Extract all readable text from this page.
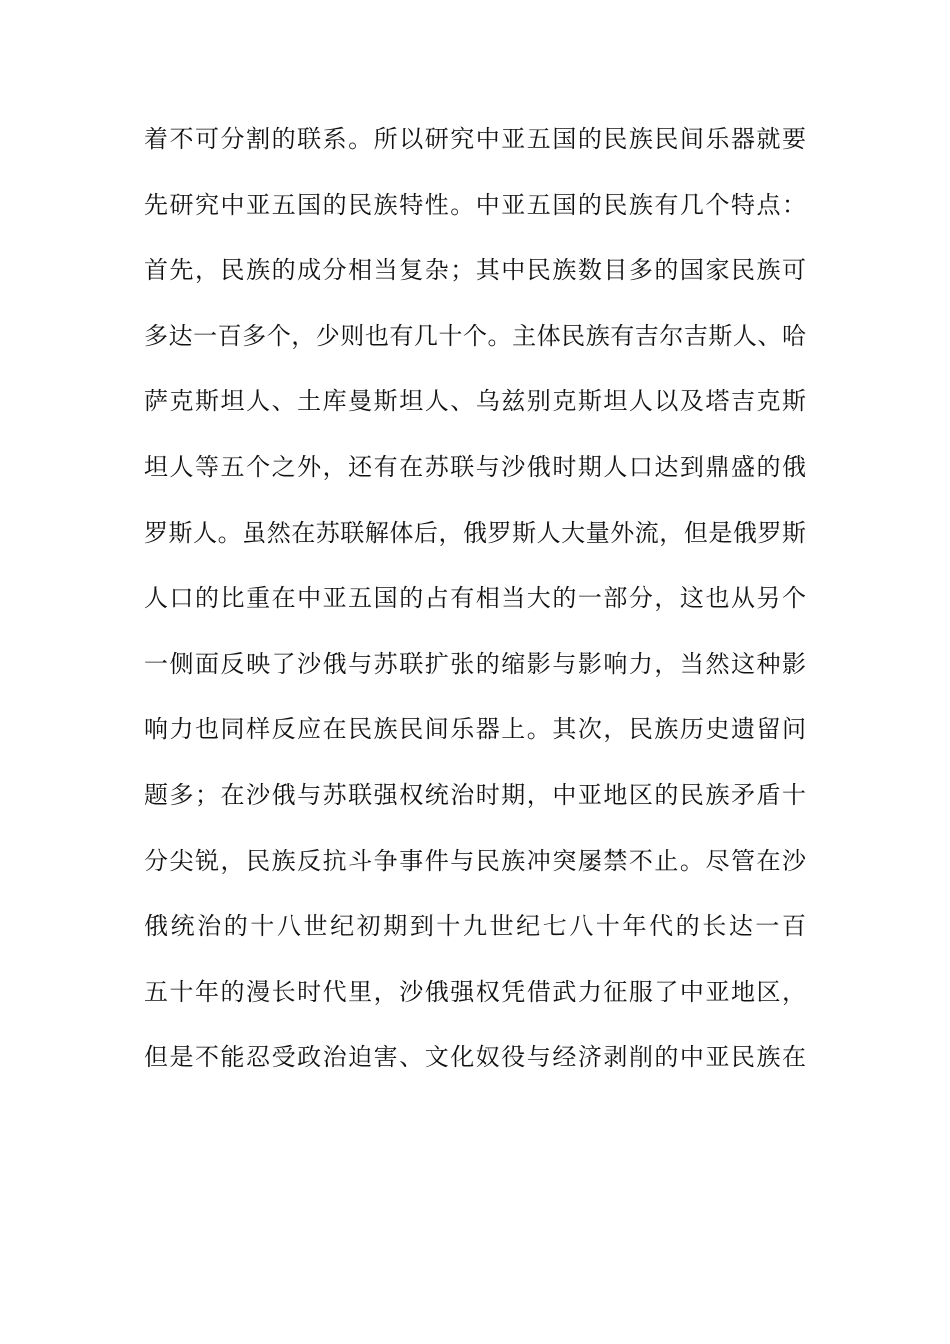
着不可分割的联系。所以研究中亚五国的民族民间乐器就要
先研究中亚五国的民族特性。中亚五国的民族有几个特点：
首先，民族的成分相当复杂；其中民族数目多的国家民族可
多达一百多个，少则也有几十个。主体民族有吉尔吉斯人、哈
萨克斯坦人、土库曼斯坦人、乌兹别克斯坦人以及塔吉克斯
坦人等五个之外，还有在苏联与沙俄时期人口达到鼎盛的俄
罗斯人。虽然在苏联解体后，俄罗斯人大量外流，但是俄罗斯
人口的比重在中亚五国的占有相当大的一部分，这也从另个
一侧面反映了沙俄与苏联扩张的缩影与影响力，当然这种影
响力也同样反应在民族民间乐器上。其次，民族历史遗留问
题多；在沙俄与苏联强权统治时期，中亚地区的民族矛盾十
分尖锐，民族反抗斗争事件与民族冲突屡禁不止。尽管在沙
俄统治的十八世纪初期到十九世纪七八十年代的长达一百
五十年的漫长时代里，沙俄强权凭借武力征服了中亚地区，
但是不能忍受政治迫害、文化奴役与经济剥削的中亚民族在
